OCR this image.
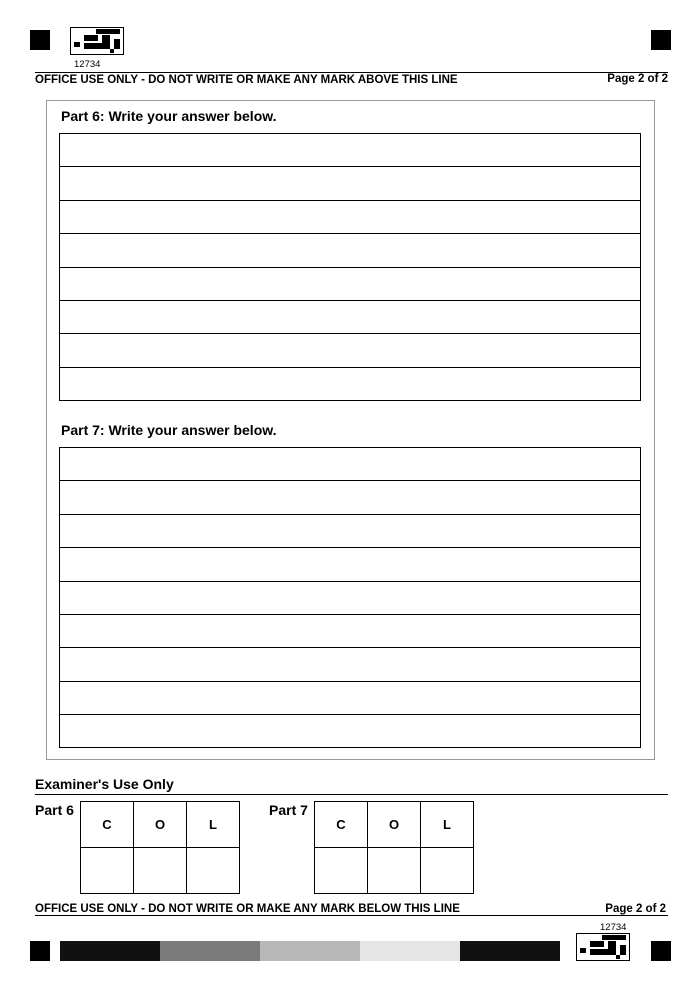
12734
OFFICE USE ONLY - DO NOT WRITE OR MAKE ANY MARK ABOVE THIS LINE	Page 2 of 2
Part 6: Write your answer below.
Part 7: Write your answer below.
Examiner's Use Only
Part 6
C	O	L

Part 7
C	O	L

OFFICE USE ONLY - DO NOT WRITE OR MAKE ANY MARK BELOW THIS LINE	Page 2 of 2
12734
